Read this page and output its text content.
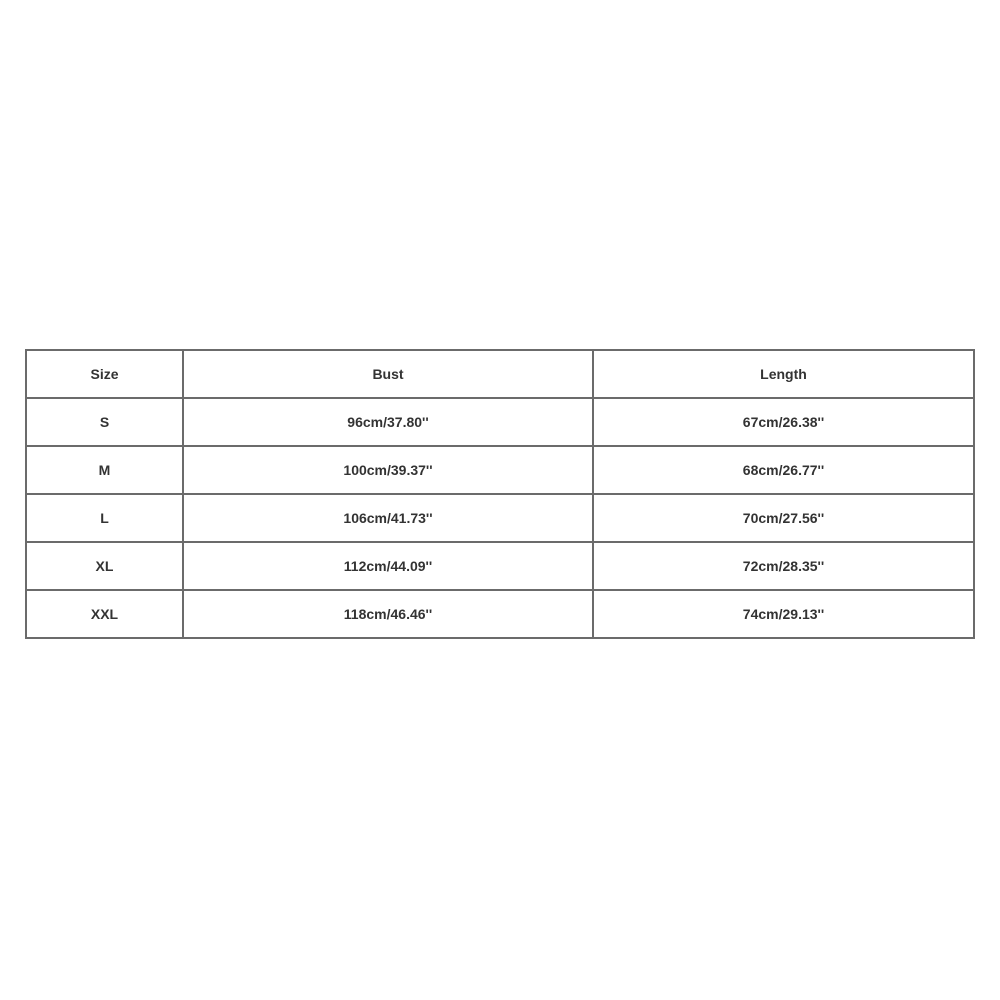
Size	Bust	Length
S	96cm/37.80''	67cm/26.38''
M	100cm/39.37''	68cm/26.77''
L	106cm/41.73''	70cm/27.56''
XL	112cm/44.09''	72cm/28.35''
XXL	118cm/46.46''	74cm/29.13''
